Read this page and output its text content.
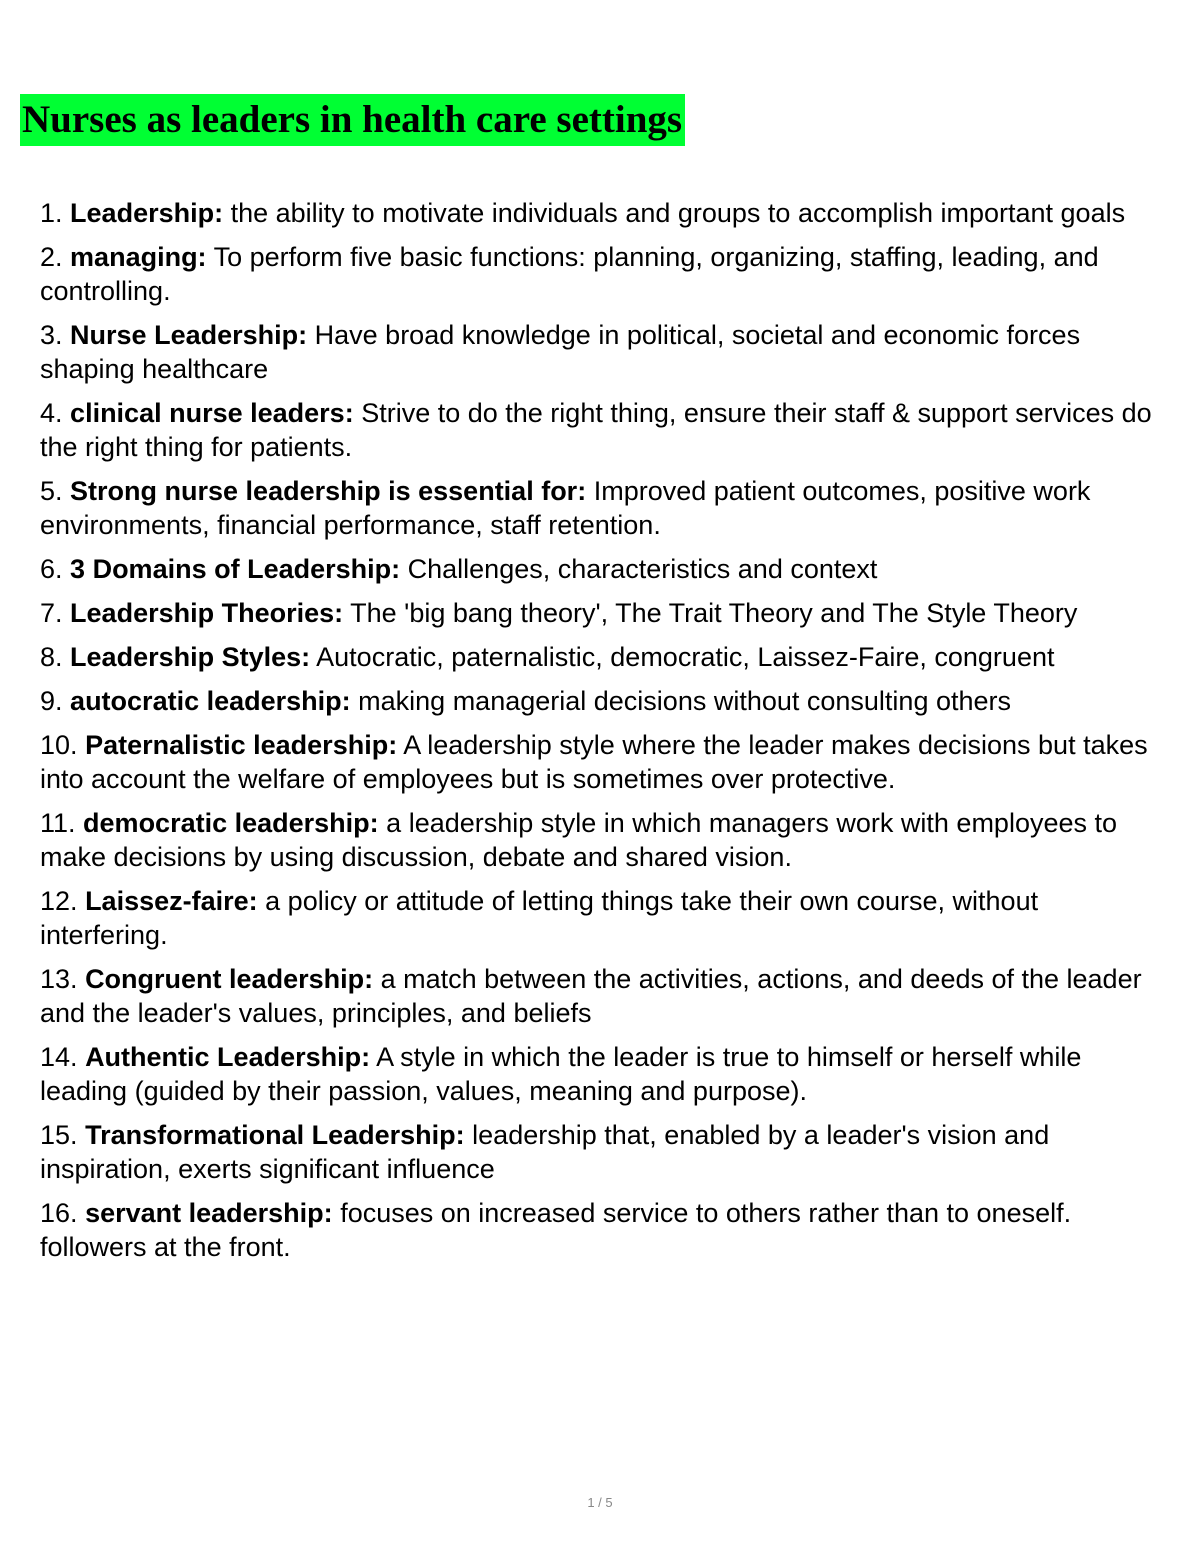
Nurses as leaders in health care settings
1. Leadership: the ability to motivate individuals and groups to accomplish important goals
2. managing: To perform five basic functions: planning, organizing, staffing, leading, and controlling.
3. Nurse Leadership: Have broad knowledge in political, societal and economic forces shaping healthcare
4. clinical nurse leaders: Strive to do the right thing, ensure their staff & support services do the right thing for patients.
5. Strong nurse leadership is essential for: Improved patient outcomes, positive work environments, financial performance, staff retention.
6. 3 Domains of Leadership: Challenges, characteristics and context
7. Leadership Theories: The 'big bang theory', The Trait Theory and The Style Theory
8. Leadership Styles: Autocratic, paternalistic, democratic, Laissez-Faire, congruent
9. autocratic leadership: making managerial decisions without consulting others
10. Paternalistic leadership: A leadership style where the leader makes decisions but takes into account the welfare of employees but is sometimes over protective.
11. democratic leadership: a leadership style in which managers work with employees to make decisions by using discussion, debate and shared vision.
12. Laissez-faire: a policy or attitude of letting things take their own course, without interfering.
13. Congruent leadership: a match between the activities, actions, and deeds of the leader and the leader's values, principles, and beliefs
14. Authentic Leadership: A style in which the leader is true to himself or herself while leading (guided by their passion, values, meaning and purpose).
15. Transformational Leadership: leadership that, enabled by a leader's vision and inspiration, exerts significant influence
16. servant leadership: focuses on increased service to others rather than to oneself. followers at the front.
1 / 5
